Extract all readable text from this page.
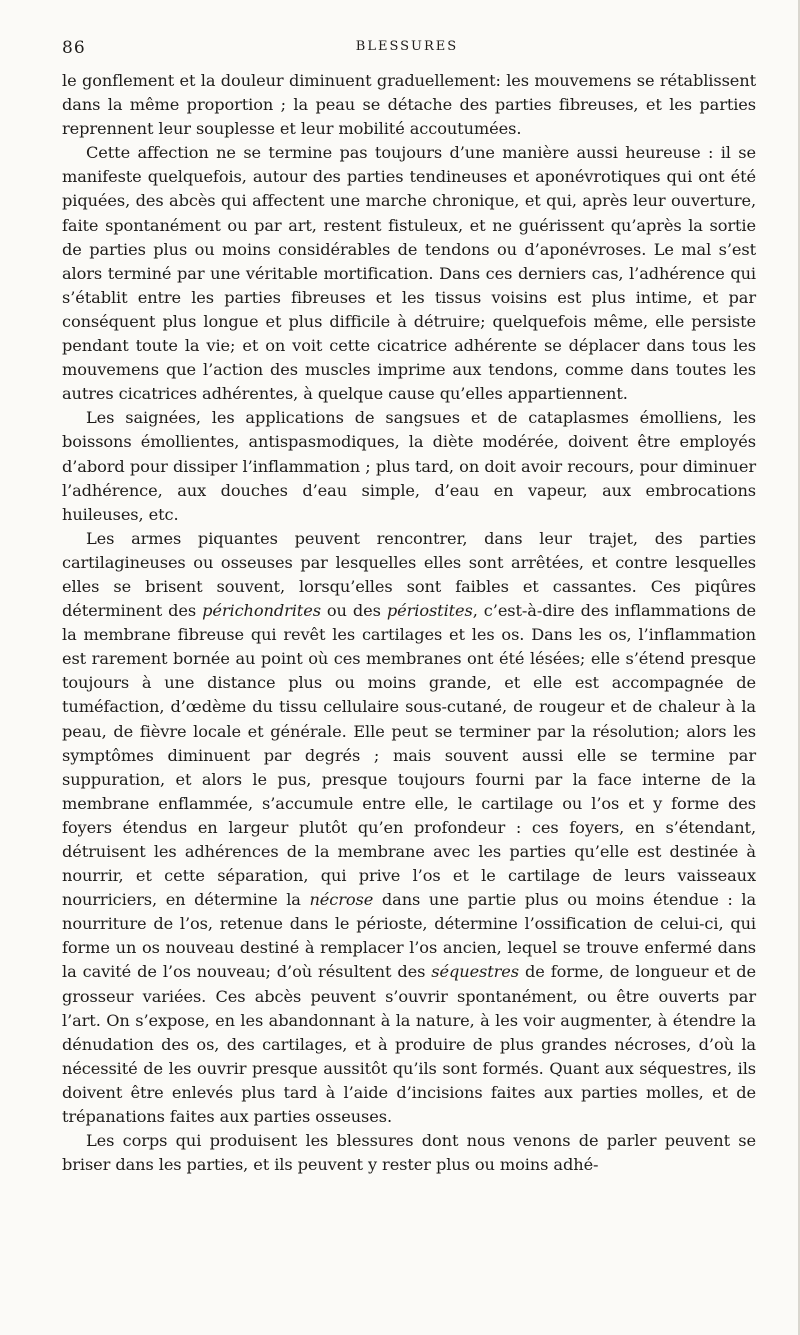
86	BLESSURES

le gonflement et la douleur diminuent graduellement: les mouvemens se rétablissent dans la même proportion ; la peau se détache des parties fibreuses, et les parties reprennent leur souplesse et leur mobilité accoutumées.

Cette affection ne se termine pas toujours d’une manière aussi heureuse : il se manifeste quelquefois, autour des parties tendineuses et aponévrotiques qui ont été piquées, des abcès qui affectent une marche chronique, et qui, après leur ouverture, faite spontanément ou par art, restent fistuleux, et ne guérissent qu’après la sortie de parties plus ou moins considérables de tendons ou d’aponévroses. Le mal s’est alors terminé par une véritable mortification. Dans ces derniers cas, l’adhérence qui s’établit entre les parties fibreuses et les tissus voisins est plus intime, et par conséquent plus longue et plus difficile à détruire; quelquefois même, elle persiste pendant toute la vie; et on voit cette cicatrice adhérente se déplacer dans tous les mouvemens que l’action des muscles imprime aux tendons, comme dans toutes les autres cicatrices adhérentes, à quelque cause qu’elles appartiennent.

Les saignées, les applications de sangsues et de cataplasmes émolliens, les boissons émollientes, antispasmodiques, la diète modérée, doivent être employés d’abord pour dissiper l’inflammation ; plus tard, on doit avoir recours, pour diminuer l’adhérence, aux douches d’eau simple, d’eau en vapeur, aux embrocations huileuses, etc.

Les armes piquantes peuvent rencontrer, dans leur trajet, des parties cartilagineuses ou osseuses par lesquelles elles sont arrêtées, et contre lesquelles elles se brisent souvent, lorsqu’elles sont faibles et cassantes. Ces piqûres déterminent des périchondrites ou des périostites, c’est-à-dire des inflammations de la membrane fibreuse qui revêt les cartilages et les os. Dans les os, l’inflammation est rarement bornée au point où ces membranes ont été lésées; elle s’étend presque toujours à une distance plus ou moins grande, et elle est accompagnée de tuméfaction, d’œdème du tissu cellulaire sous-cutané, de rougeur et de chaleur à la peau, de fièvre locale et générale. Elle peut se terminer par la résolution; alors les symptômes diminuent par degrés ; mais souvent aussi elle se termine par suppuration, et alors le pus, presque toujours fourni par la face interne de la membrane enflammée, s’accumule entre elle, le cartilage ou l’os et y forme des foyers étendus en largeur plutôt qu’en profondeur : ces foyers, en s’étendant, détruisent les adhérences de la membrane avec les parties qu’elle est destinée à nourrir, et cette séparation, qui prive l’os et le cartilage de leurs vaisseaux nourriciers, en détermine la nécrose dans une partie plus ou moins étendue : la nourriture de l’os, retenue dans le périoste, détermine l’ossification de celui-ci, qui forme un os nouveau destiné à remplacer l’os ancien, lequel se trouve enfermé dans la cavité de l’os nouveau; d’où résultent des séquestres de forme, de longueur et de grosseur variées. Ces abcès peuvent s’ouvrir spontanément, ou être ouverts par l’art. On s’expose, en les abandonnant à la nature, à les voir augmenter, à étendre la dénudation des os, des cartilages, et à produire de plus grandes nécroses, d’où la nécessité de les ouvrir presque aussitôt qu’ils sont formés. Quant aux séquestres, ils doivent être enlevés plus tard à l’aide d’incisions faites aux parties molles, et de trépanations faites aux parties osseuses.

Les corps qui produisent les blessures dont nous venons de parler peuvent se briser dans les parties, et ils peuvent y rester plus ou moins adhé-
